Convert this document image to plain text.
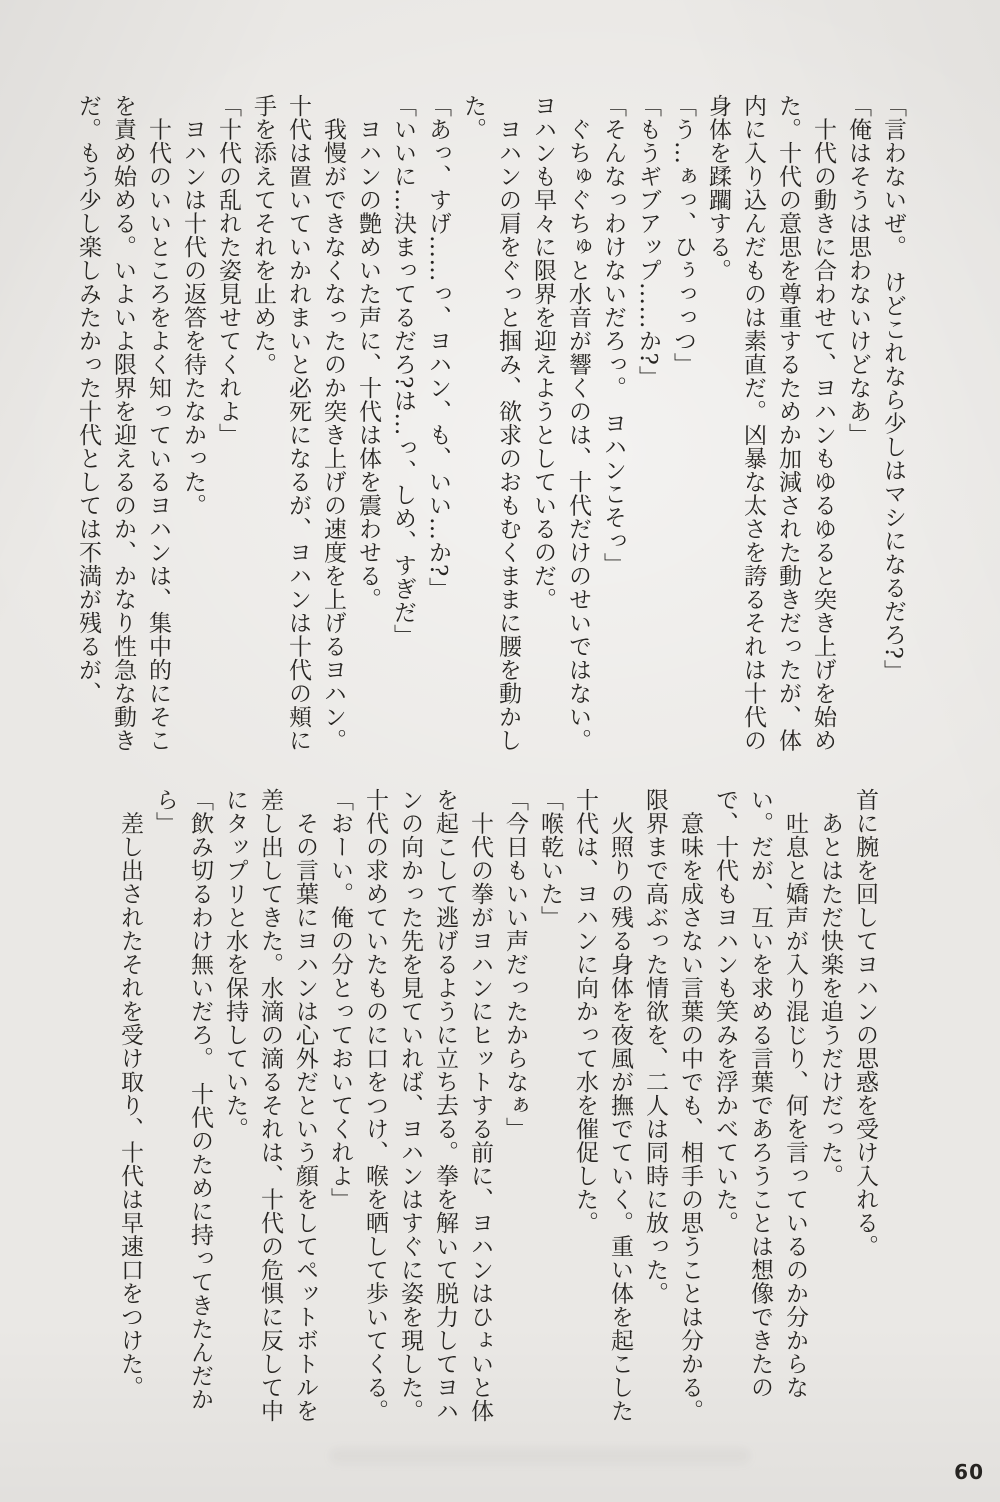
「言わないぜ。　けどこれなら少しはマシになるだろ?」

「俺はそうは思わないけどなあ」

　十代の動きに合わせて、ヨハンもゆるゆると突き上げを始めた。十代の意思を尊重するためか加減された動きだったが、体内に入り込んだものは素直だ。凶暴な太さを誇るそれは十代の身体を蹂躙する。

「う…ぁっ、ひぅっっつ」

「もうギブアップ……か?」

「そんなっわけないだろっ。　ヨハンこそっ」

　ぐちゅぐちゅと水音が響くのは、十代だけのせいではない。ヨハンも早々に限界を迎えようとしているのだ。

　ヨハンの肩をぐっと掴み、欲求のおもむくままに腰を動かした。

「あっ、すげ……っ、ヨハン、も、いい…か?」

「いいに…決まってるだろ?は…っ、しめ、すぎだ」

　ヨハンの艶めいた声に、十代は体を震わせる。

　我慢ができなくなったのか突き上げの速度を上げるヨハン。十代は置いていかれまいと必死になるが、ヨハンは十代の頬に手を添えてそれを止めた。

「十代の乱れた姿見せてくれよ」

　ヨハンは十代の返答を待たなかった。

　十代のいいところをよく知っているヨハンは、集中的にそこを責め始める。いよいよ限界を迎えるのか、かなり性急な動きだ。もう少し楽しみたかった十代としては不満が残るが、

首に腕を回してヨハンの思惑を受け入れる。

　あとはただ快楽を追うだけだった。

　吐息と嬌声が入り混じり、何を言っているのか分からない。だが、互いを求める言葉であろうことは想像できたので、十代もヨハンも笑みを浮かべていた。

　意味を成さない言葉の中でも、相手の思うことは分かる。限界まで高ぶった情欲を、二人は同時に放った。

　火照りの残る身体を夜風が撫でていく。重い体を起こした十代は、ヨハンに向かって水を催促した。

「喉乾いた」

「今日もいい声だったからなぁ」

　十代の拳がヨハンにヒットする前に、ヨハンはひょいと体を起こして逃げるように立ち去る。拳を解いて脱力してヨハンの向かった先を見ていれば、ヨハンはすぐに姿を現した。十代の求めていたものに口をつけ、喉を晒して歩いてくる。

「おーい。俺の分とっておいてくれよ」

　その言葉にヨハンは心外だという顔をしてペットボトルを差し出してきた。水滴の滴るそれは、十代の危惧に反して中にタップリと水を保持していた。

「飲み切るわけ無いだろ。　十代のために持ってきたんだから」

　差し出されたそれを受け取り、十代は早速口をつけた。

60
